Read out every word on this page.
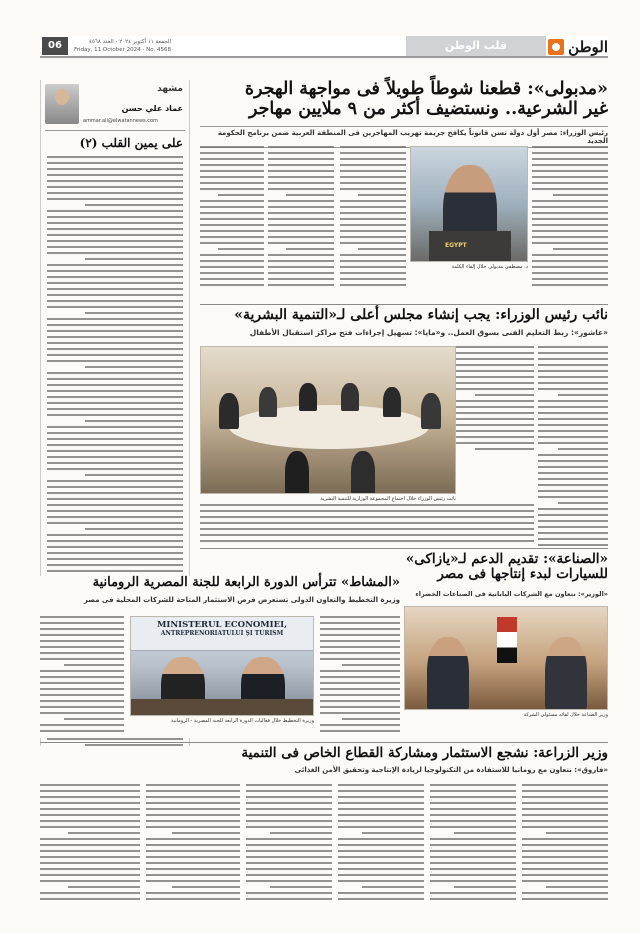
الوطن
قلب الوطن
الجمعة ١١ أكتوبر ٢٠٢٤ - العدد ٤٥٦٨
Friday, 11 October 2024 - No. 4568
06
عماد علي حسن
ammar.ali@elwatannews.com
مشهد
على يمين القلب (٢)
«مدبولى»: قطعنا شوطاً طويلاً فى مواجهة الهجرة
غير الشرعية.. ونستضيف أكثر من ٩ ملايين مهاجر
رئيس الوزراء: مصر أول دولة تسن قانوناً يكافح جريمة تهريب المهاجرين فى المنطقة العربية ضمن برنامج الحكومة الجديد
EGYPT
د. مصطفى مدبولى خلال إلقاء الكلمة
نائب رئيس الوزراء: يجب إنشاء مجلس أعلى لـ«التنمية البشرية»
«عاشور»: ربط التعليم الفنى بسوق العمل.. و«مايا»: تسهيل إجراءات فتح مراكز استقبال الأطفال
نائب رئيس الوزراء خلال اجتماع المجموعة الوزارية للتنمية البشرية
«الصناعة»: تقديم الدعم لـ«يازاكى»
للسيارات لبدء إنتاجها فى مصر
«الوزير»: نتعاون مع الشركات اليابانية فى الصناعات الخضراء
وزير الصناعة خلال لقائه مسئولى الشركة
«المشاط» تترأس الدورة الرابعة للجنة المصرية الرومانية
وزيرة التخطيط والتعاون الدولى تستعرض فرص الاستثمار المتاحة للشركات المحلية فى مصر
MINISTERUL ECONOMIEI,
ANTREPRENORIATULUI ȘI TURISM
وزيرة التخطيط خلال فعاليات الدورة الرابعة للجنة المصرية - الرومانية
وزير الزراعة: نشجع الاستثمار ومشاركة القطاع الخاص فى التنمية
«فاروق»: نتعاون مع رومانيا للاستفادة من التكنولوجيا لزيادة الإنتاجية وتحقيق الأمن الغذائى
